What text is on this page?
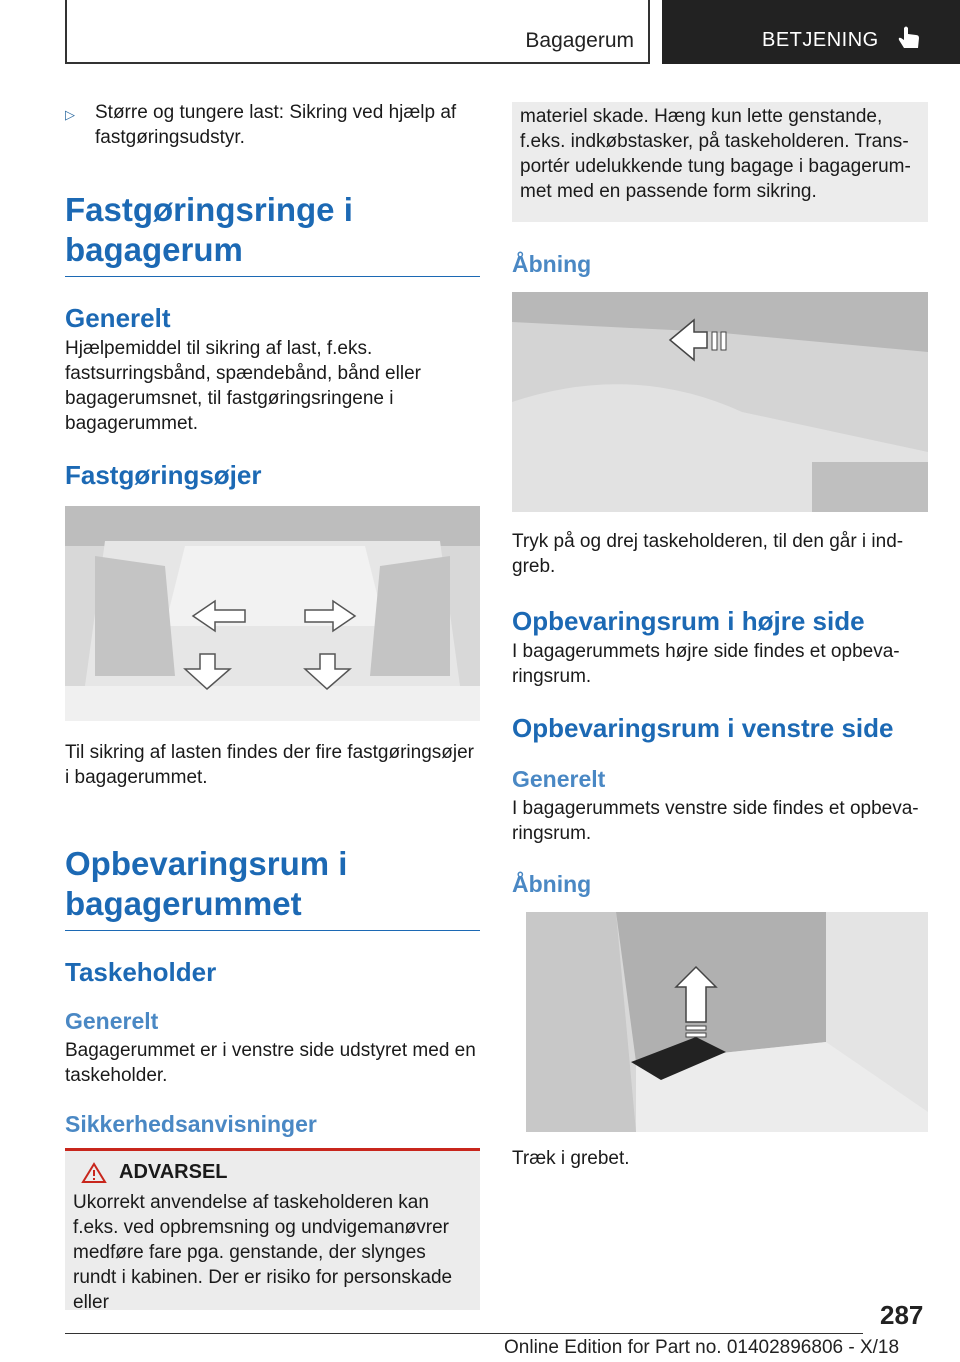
Bagagerum	BETJENING
▷	Større og tungere last: Sikring ved hjælp af fastgøringsudstyr.
Fastgøringsringe i bagagerum
Generelt

Hjælpemiddel til sikring af last, f.eks. fastsurringsbånd, spændebånd, bånd eller bagagerumsnet, til fastgøringsringene i bagagerummet.

Fastgøringsøjer

Til sikring af lasten findes der fire fastgøringsøjer i bagagerummet.

Opbevaringsrum i bagagerummet
Taskeholder
Generelt

Bagagerummet er i venstre side udstyret med en taskeholder.

Sikkerhedsanvisninger
ADVARSEL

Ukorrekt anvendelse af taskeholderen kan f.eks. ved opbremsning og undvigemanøvrer medføre fare pga. genstande, der slynges rundt i kabinen. Der er risiko for personskade eller

materiel skade. Hæng kun lette genstande, f.eks. indkøbstasker, på taskeholderen. Transportér udelukkende tung bagage i bagagerummet med en passende form sikring.

Åbning

Tryk på og drej taskeholderen, til den går i indgreb.

Opbevaringsrum i højre side

I bagagerummets højre side findes et opbevaringsrum.

Opbevaringsrum i venstre side
Generelt

I bagagerummets venstre side findes et opbevaringsrum.

Åbning

Træk i grebet.

287
Online Edition for Part no. 01402896806 - X/18
